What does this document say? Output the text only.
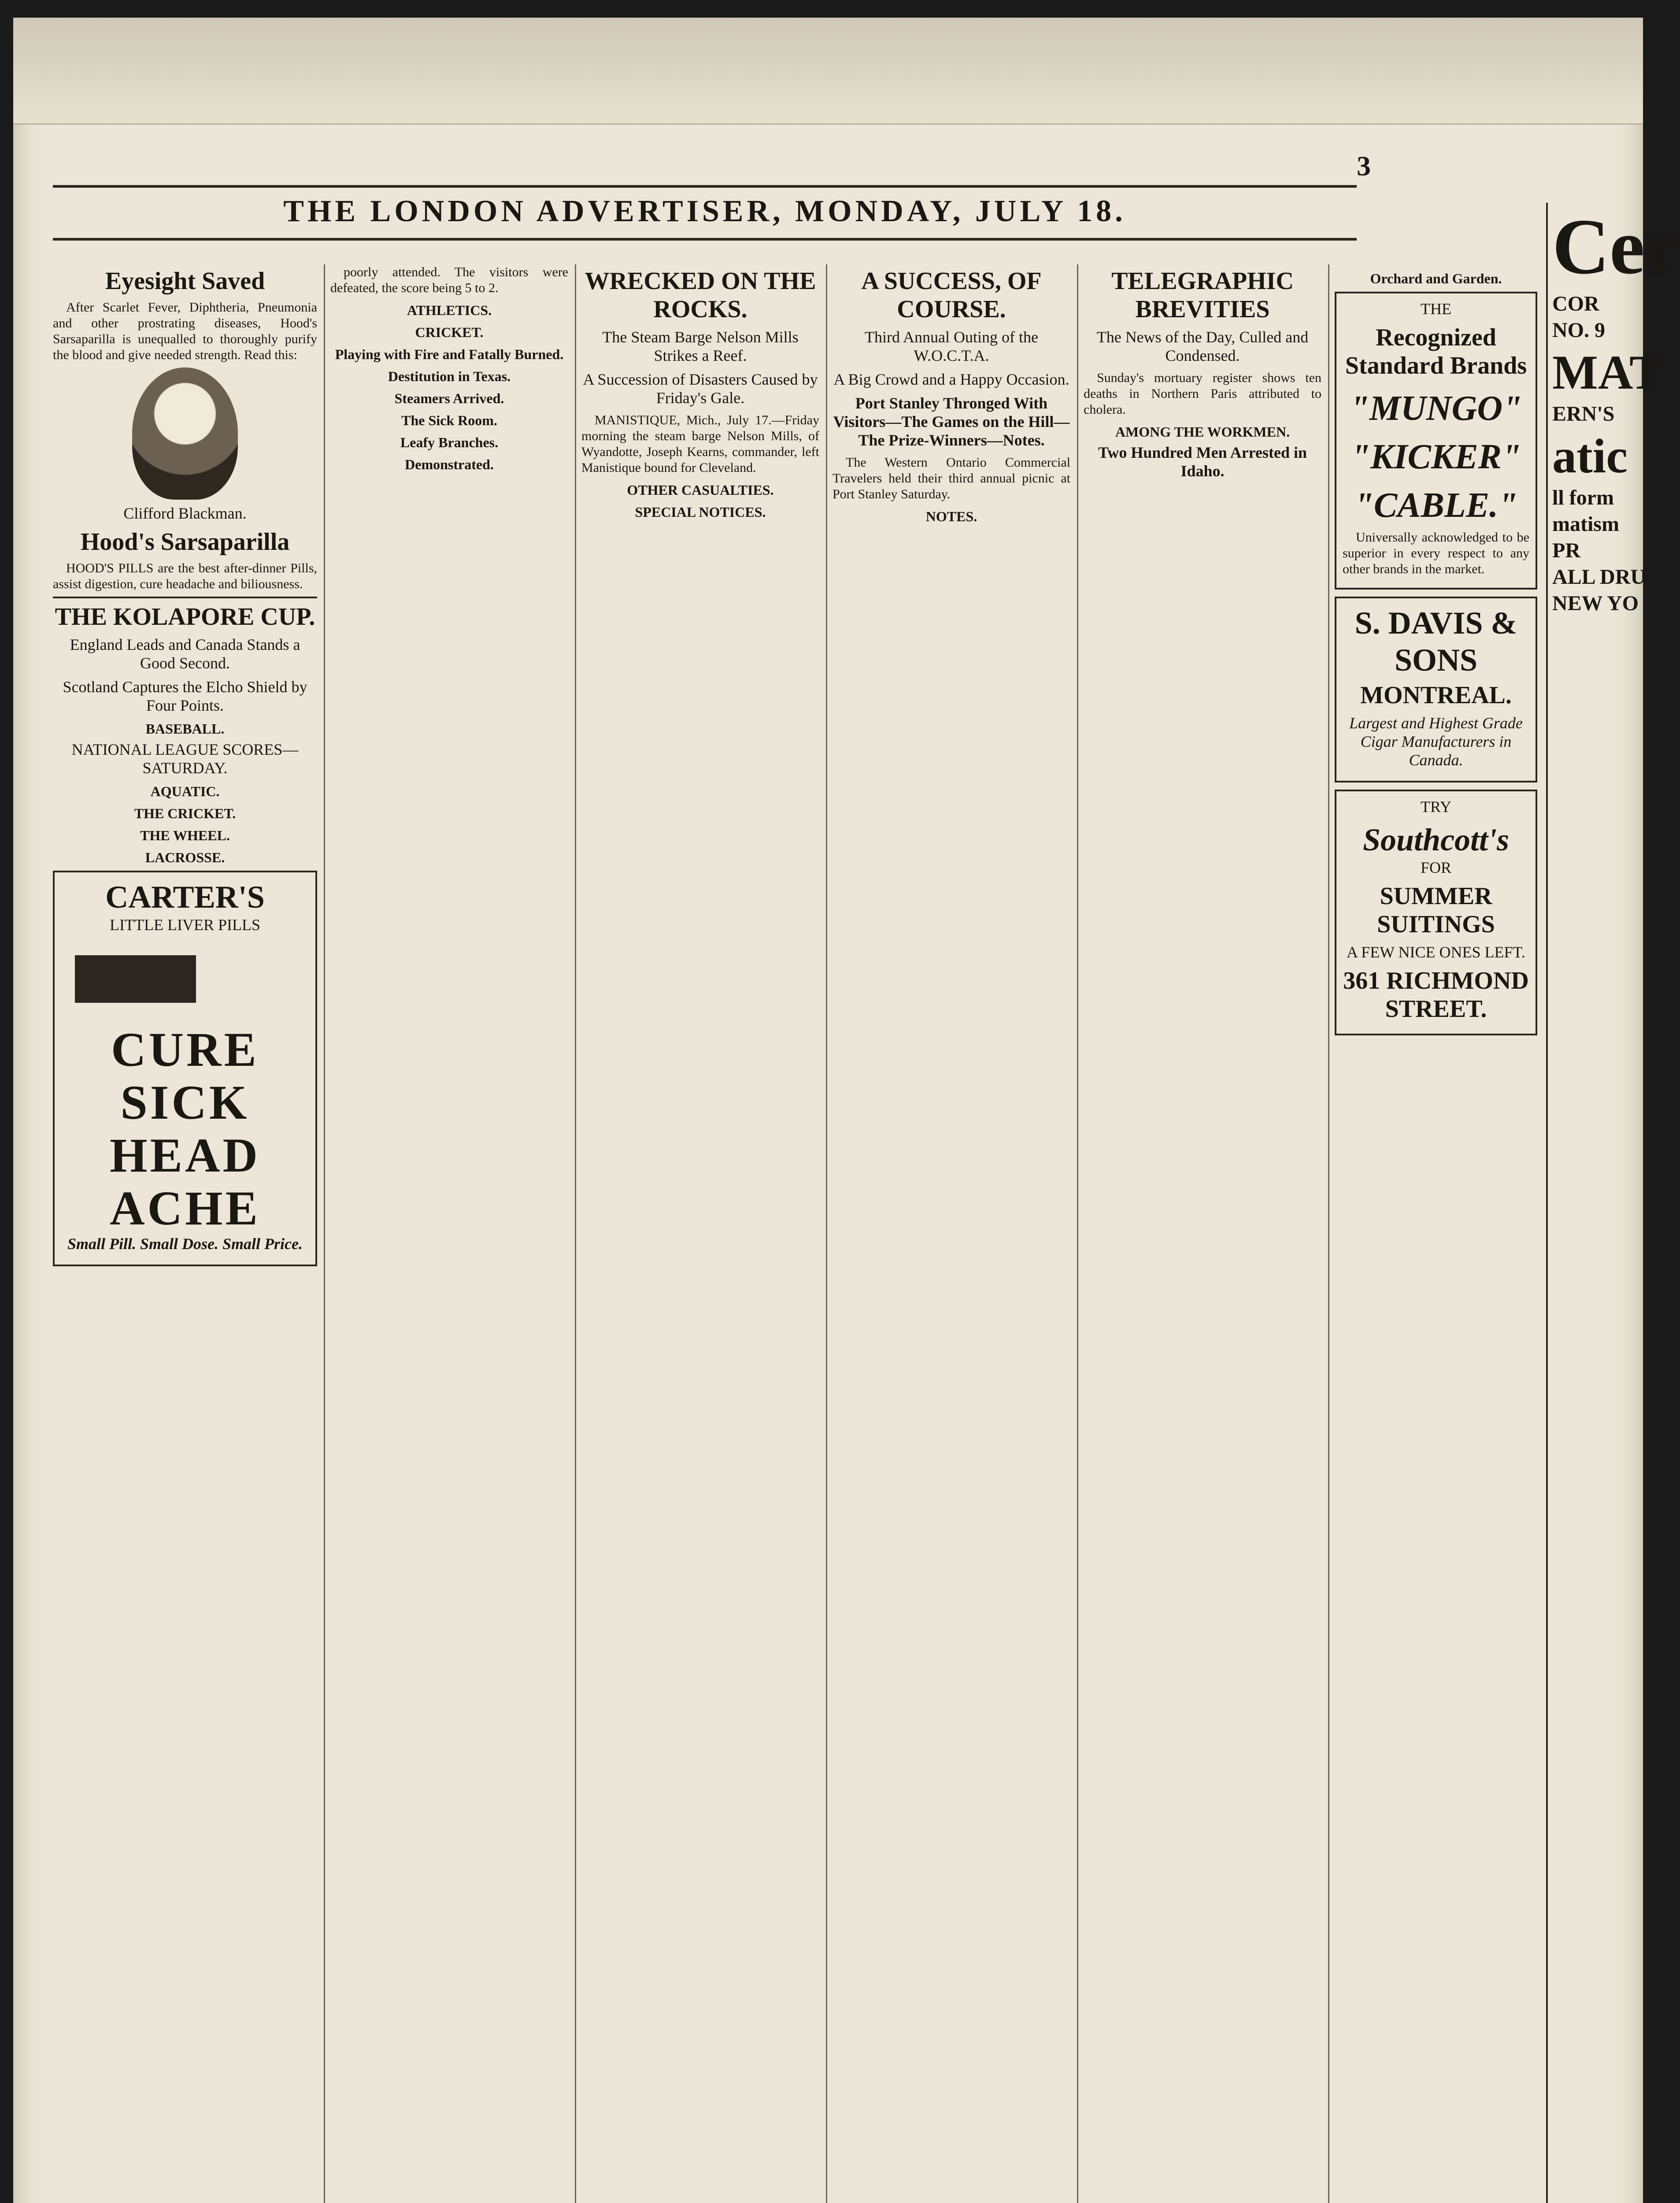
3
THE LONDON ADVERTISER, MONDAY, JULY 18.
Eyesight Saved

After Scarlet Fever, Diphtheria, Pneumonia and other prostrating diseases, Hood's Sarsaparilla is unequalled to thoroughly purify the blood and give needed strength. Read this:

Clifford Blackman.
Hood's Sarsaparilla

HOOD'S PILLS are the best after-dinner Pills, assist digestion, cure headache and biliousness.

THE KOLAPORE CUP.
England Leads and Canada Stands a Good Second.
Scotland Captures the Elcho Shield by Four Points.
BASEBALL.
NATIONAL LEAGUE SCORES—SATURDAY.
AQUATIC.
THE CRICKET.
THE WHEEL.
LACROSSE.
CARTER'S
LITTLE LIVER PILLS
CURE
SICK
HEAD
ACHE
Small Pill. Small Dose. Small Price.

poorly attended. The visitors were defeated, the score being 5 to 2.

ATHLETICS.
CRICKET.
Playing with Fire and Fatally Burned.
Destitution in Texas.
Steamers Arrived.
The Sick Room.
Leafy Branches.
Demonstrated.
WRECKED ON THE ROCKS.
The Steam Barge Nelson Mills Strikes a Reef.
A Succession of Disasters Caused by Friday's Gale.

MANISTIQUE, Mich., July 17.—Friday morning the steam barge Nelson Mills, of Wyandotte, Joseph Kearns, commander, left Manistique bound for Cleveland.

OTHER CASUALTIES.
SPECIAL NOTICES.
A SUCCESS, OF COURSE.
Third Annual Outing of the W.O.C.T.A.
A Big Crowd and a Happy Occasion.
Port Stanley Thronged With Visitors—The Games on the Hill—The Prize-Winners—Notes.

The Western Ontario Commercial Travelers held their third annual picnic at Port Stanley Saturday.

NOTES.
TELEGRAPHIC BREVITIES
The News of the Day, Culled and Condensed.

Sunday's mortuary register shows ten deaths in Northern Paris attributed to cholera.

AMONG THE WORKMEN.
Two Hundred Men Arrested in Idaho.
Orchard and Garden.
THE
Recognized Standard Brands
"MUNGO"
"KICKER"
"CABLE."

Universally acknowledged to be superior in every respect to any other brands in the market.

S. DAVIS & SONS
MONTREAL.
Largest and Highest Grade Cigar Manufacturers in Canada.
TRY
Southcott's
FOR
SUMMER SUITINGS
A FEW NICE ONES LEFT.
361 RICHMOND STREET.
Cer
COR
NO. 9
MAT
ERN'S
atic
ll form
matism
PR
ALL DRU
NEW YO
